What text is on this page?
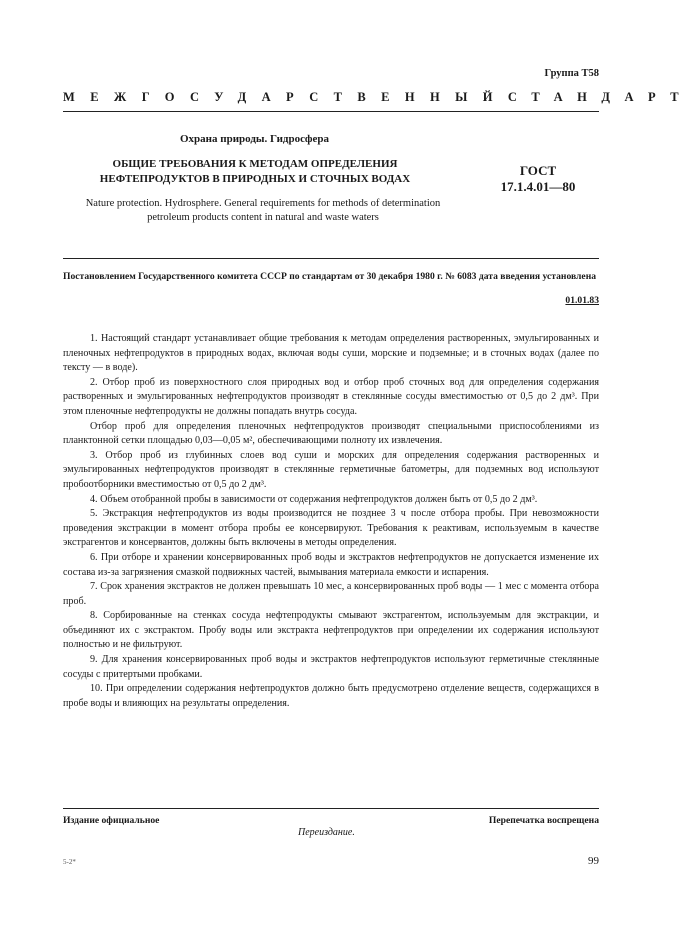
Группа Т58
МЕЖГОСУДАРСТВЕННЫЙ СТАНДАРТ
Охрана природы. Гидросфера
ОБЩИЕ ТРЕБОВАНИЯ К МЕТОДАМ ОПРЕДЕЛЕНИЯ
НЕФТЕПРОДУКТОВ В ПРИРОДНЫХ И СТОЧНЫХ ВОДАХ
ГОСТ
17.1.4.01—80
Nature protection. Hydrosphere. General requirements for methods of determination
petroleum products content in natural and waste waters
Постановлением Государственного комитета СССР по стандартам от 30 декабря 1980 г. № 6083 дата введения установлена
01.01.83

1. Настоящий стандарт устанавливает общие требования к методам определения растворенных, эмульгированных и пленочных нефтепродуктов в природных водах, включая воды суши, морские и подземные; и в сточных водах (далее по тексту — в воде).

2. Отбор проб из поверхностного слоя природных вод и отбор проб сточных вод для определения содержания растворенных и эмульгированных нефтепродуктов производят в стеклянные сосуды вместимостью от 0,5 до 2 дм³. При этом пленочные нефтепродукты не должны попадать внутрь сосуда.

Отбор проб для определения пленочных нефтепродуктов производят специальными приспособлениями из планктонной сетки площадью 0,03—0,05 м², обеспечивающими полноту их извлечения.

3. Отбор проб из глубинных слоев вод суши и морских для определения содержания растворенных и эмульгированных нефтепродуктов производят в стеклянные герметичные батометры, для подземных вод используют пробоотборники вместимостью от 0,5 до 2 дм³.

4. Объем отобранной пробы в зависимости от содержания нефтепродуктов должен быть от 0,5 до 2 дм³.

5. Экстракция нефтепродуктов из воды производится не позднее 3 ч после отбора пробы. При невозможности проведения экстракции в момент отбора пробы ее консервируют. Требования к реактивам, используемым в качестве экстрагентов и консервантов, должны быть включены в методы определения.

6. При отборе и хранении консервированных проб воды и экстрактов нефтепродуктов не допускается изменение их состава из-за загрязнения смазкой подвижных частей, вымывания материала емкости и испарения.

7. Срок хранения экстрактов не должен превышать 10 мес, а консервированных проб воды — 1 мес с момента отбора проб.

8. Сорбированные на стенках сосуда нефтепродукты смывают экстрагентом, используемым для экстракции, и объединяют их с экстрактом. Пробу воды или экстракта нефтепродуктов при определении их содержания используют полностью и не фильтруют.

9. Для хранения консервированных проб воды и экстрактов нефтепродуктов используют герметичные стеклянные сосуды с притертыми пробками.

10. При определении содержания нефтепродуктов должно быть предусмотрено отделение веществ, содержащихся в пробе воды и влияющих на результаты определения.

Издание официальное	Перепечатка воспрещена
Переиздание.
5-2*	99
